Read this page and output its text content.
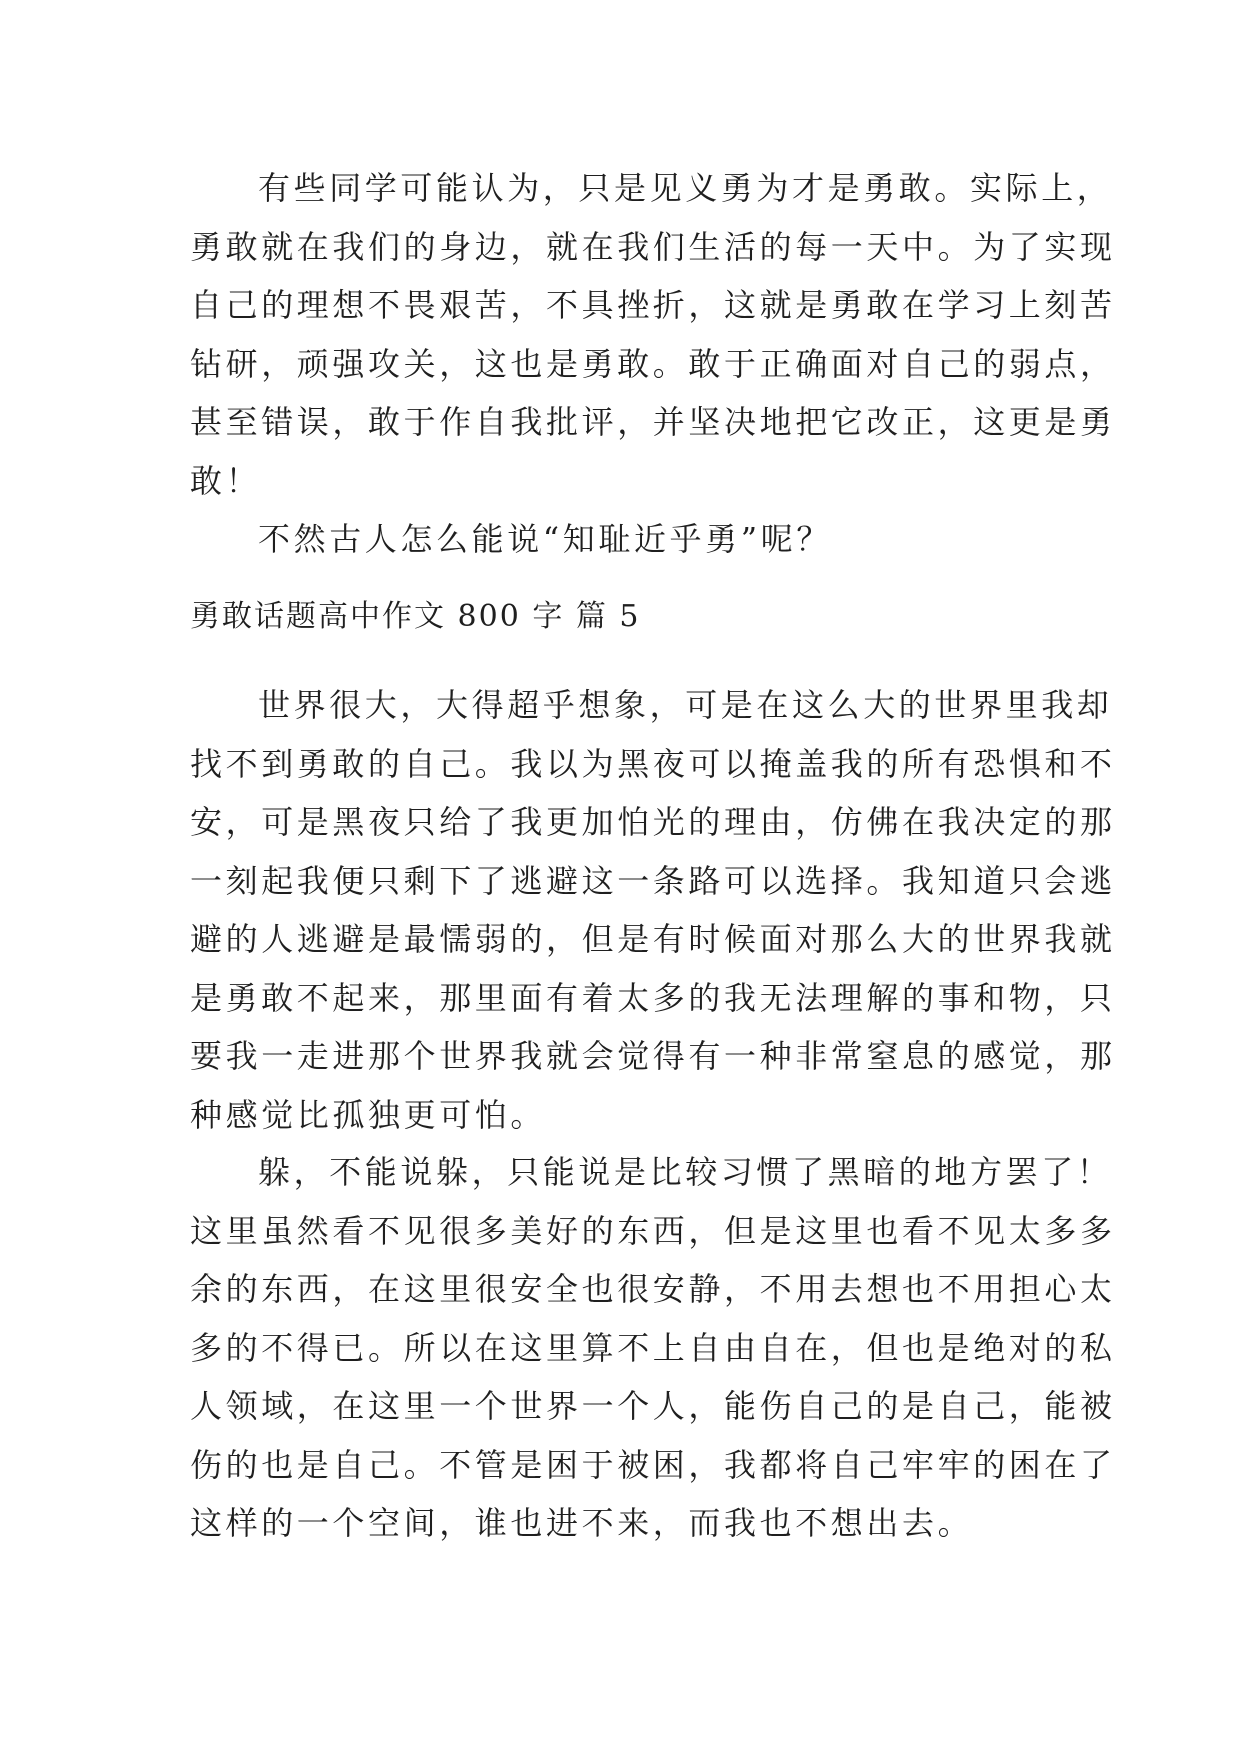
有些同学可能认为，只是见义勇为才是勇敢。实际上，
勇敢就在我们的身边，就在我们生活的每一天中。为了实现
自己的理想不畏艰苦，不具挫折，这就是勇敢在学习上刻苦
钻研，顽强攻关，这也是勇敢。敢于正确面对自己的弱点，
甚至错误，敢于作自我批评，并坚决地把它改正，这更是勇
敢！
不然古人怎么能说“知耻近乎勇”呢？
勇敢话题高中作文 800 字 篇 5
世界很大，大得超乎想象，可是在这么大的世界里我却
找不到勇敢的自己。我以为黑夜可以掩盖我的所有恐惧和不
安，可是黑夜只给了我更加怕光的理由，仿佛在我决定的那
一刻起我便只剩下了逃避这一条路可以选择。我知道只会逃
避的人逃避是最懦弱的，但是有时候面对那么大的世界我就
是勇敢不起来，那里面有着太多的我无法理解的事和物，只
要我一走进那个世界我就会觉得有一种非常窒息的感觉，那
种感觉比孤独更可怕。
躲，不能说躲，只能说是比较习惯了黑暗的地方罢了！
这里虽然看不见很多美好的东西，但是这里也看不见太多多
余的东西，在这里很安全也很安静，不用去想也不用担心太
多的不得已。所以在这里算不上自由自在，但也是绝对的私
人领域，在这里一个世界一个人，能伤自己的是自己，能被
伤的也是自己。不管是困于被困，我都将自己牢牢的困在了
这样的一个空间，谁也进不来，而我也不想出去。
